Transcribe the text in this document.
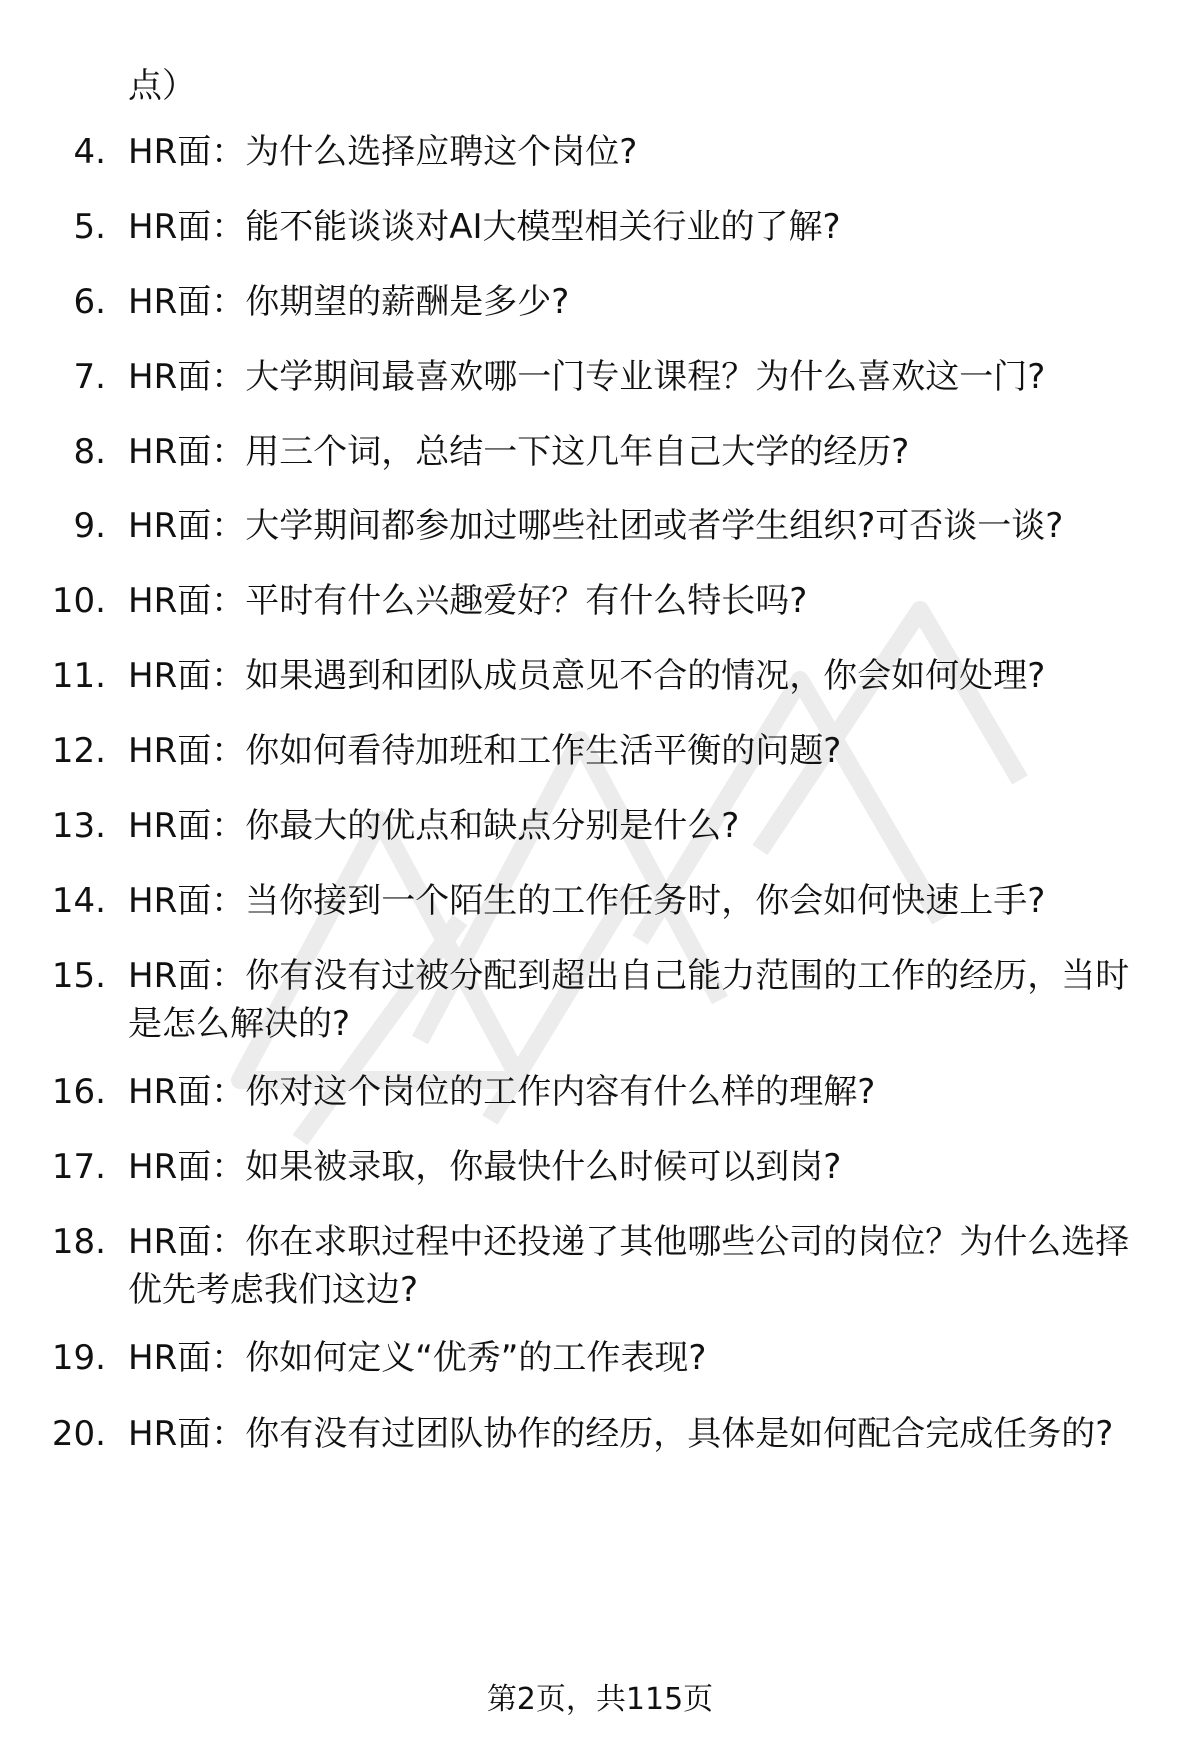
点）
4. HR面：为什么选择应聘这个岗位?
5. HR面：能不能谈谈对AI大模型相关行业的了解?
6. HR面：你期望的薪酬是多少?
7. HR面：大学期间最喜欢哪一门专业课程？为什么喜欢这一门?
8. HR面：用三个词，总结一下这几年自己大学的经历?
9. HR面：大学期间都参加过哪些社团或者学生组织?可否谈一谈?
10. HR面：平时有什么兴趣爱好？有什么特长吗?
11. HR面：如果遇到和团队成员意见不合的情况，你会如何处理?
12. HR面：你如何看待加班和工作生活平衡的问题?
13. HR面：你最大的优点和缺点分别是什么?
14. HR面：当你接到一个陌生的工作任务时，你会如何快速上手?
15. HR面：你有没有过被分配到超出自己能力范围的工作的经历，当时是怎么解决的?
16. HR面：你对这个岗位的工作内容有什么样的理解?
17. HR面：如果被录取，你最快什么时候可以到岗?
18. HR面：你在求职过程中还投递了其他哪些公司的岗位？为什么选择优先考虑我们这边?
19. HR面：你如何定义“优秀”的工作表现?
20. HR面：你有没有过团队协作的经历，具体是如何配合完成任务的?
第2页，共115页
